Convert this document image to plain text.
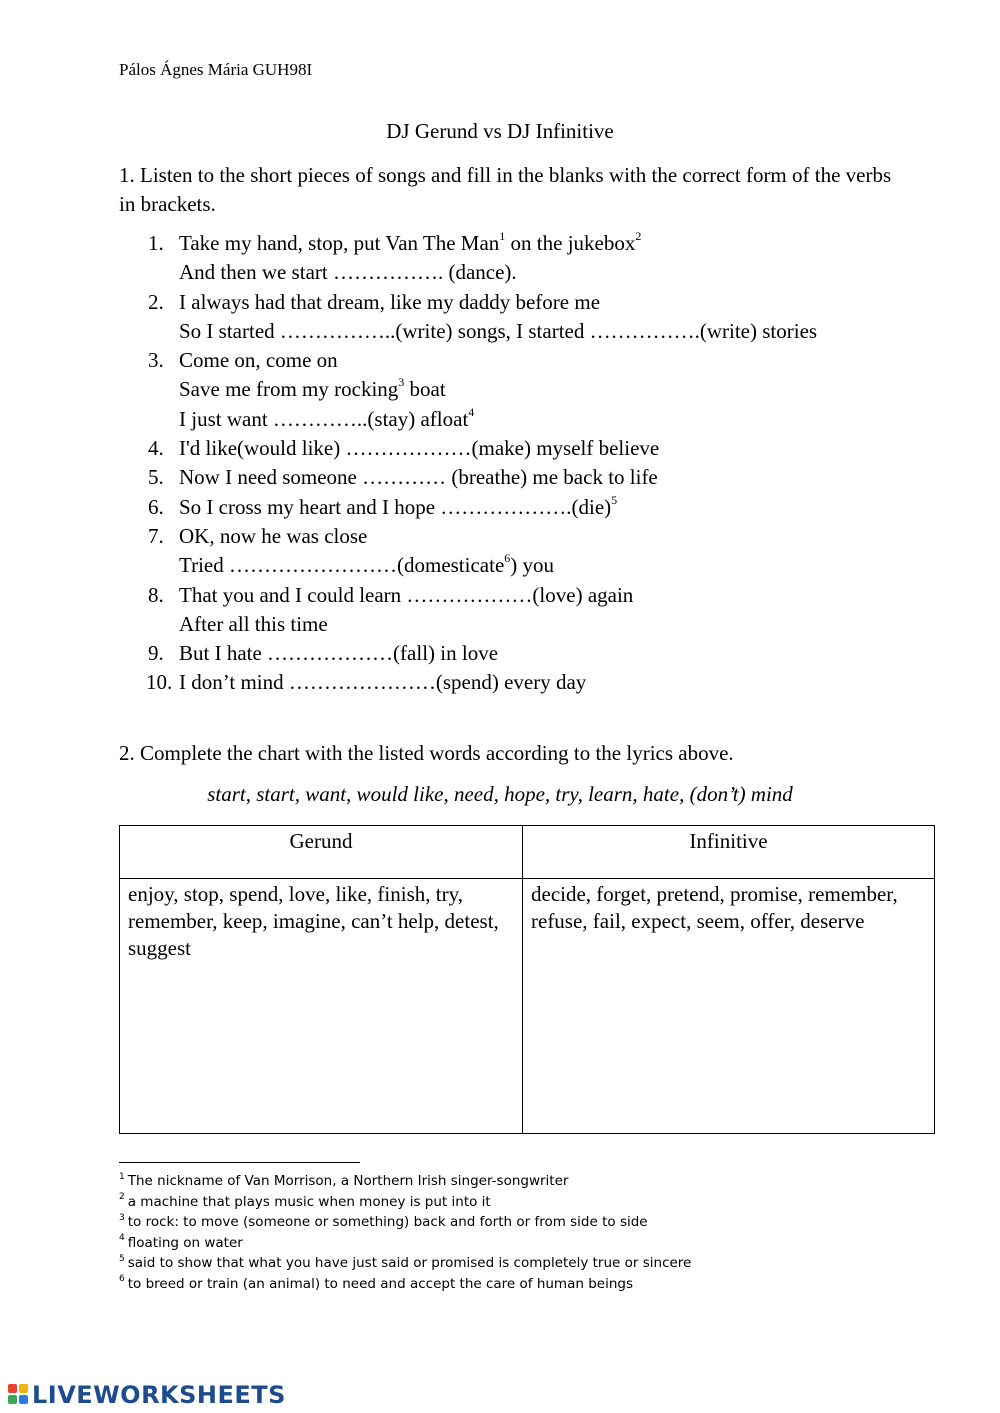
Pálos Ágnes Mária GUH98I
DJ Gerund vs DJ Infinitive
1. Listen to the short pieces of songs and fill in the blanks with the correct form of the verbs in brackets.
1. Take my hand, stop, put Van The Man$^1$ on the jukebox$^2$
And then we start ……………. (dance).
2. I always had that dream, like my daddy before me
So I started ……………..(write) songs, I started …………….(write) stories
3. Come on, come on
Save me from my rocking$^3$ boat
I just want …………..(stay) afloat$^4$
4. I'd like(would like) ………………(make) myself believe
5. Now I need someone ………… (breathe) me back to life
6. So I cross my heart and I hope ……………….(die)$^5$
7. OK, now he was close
Tried ……………………(domesticate$^6$) you
8. That you and I could learn ………………(love) again
After all this time
9. But I hate ………………(fall) in love
10. I don’t mind …………………(spend) every day
2. Complete the chart with the listed words according to the lyrics above.
start, start, want, would like, need, hope, try, learn, hate, (don’t) mind
Gerund	Infinitive
enjoy, stop, spend, love, like, finish, try, remember, keep, imagine, can’t help, detest, suggest	decide, forget, pretend, promise, remember, refuse, fail, expect, seem, offer, deserve
$^1$ The nickname of Van Morrison, a Northern Irish singer-songwriter
$^2$ a machine that plays music when money is put into it
$^3$ to rock: to move (someone or something) back and forth or from side to side
$^4$ floating on water
$^5$ said to show that what you have just said or promised is completely true or sincere
$^6$ to breed or train (an animal) to need and accept the care of human beings
LIVEWORKSHEETS
